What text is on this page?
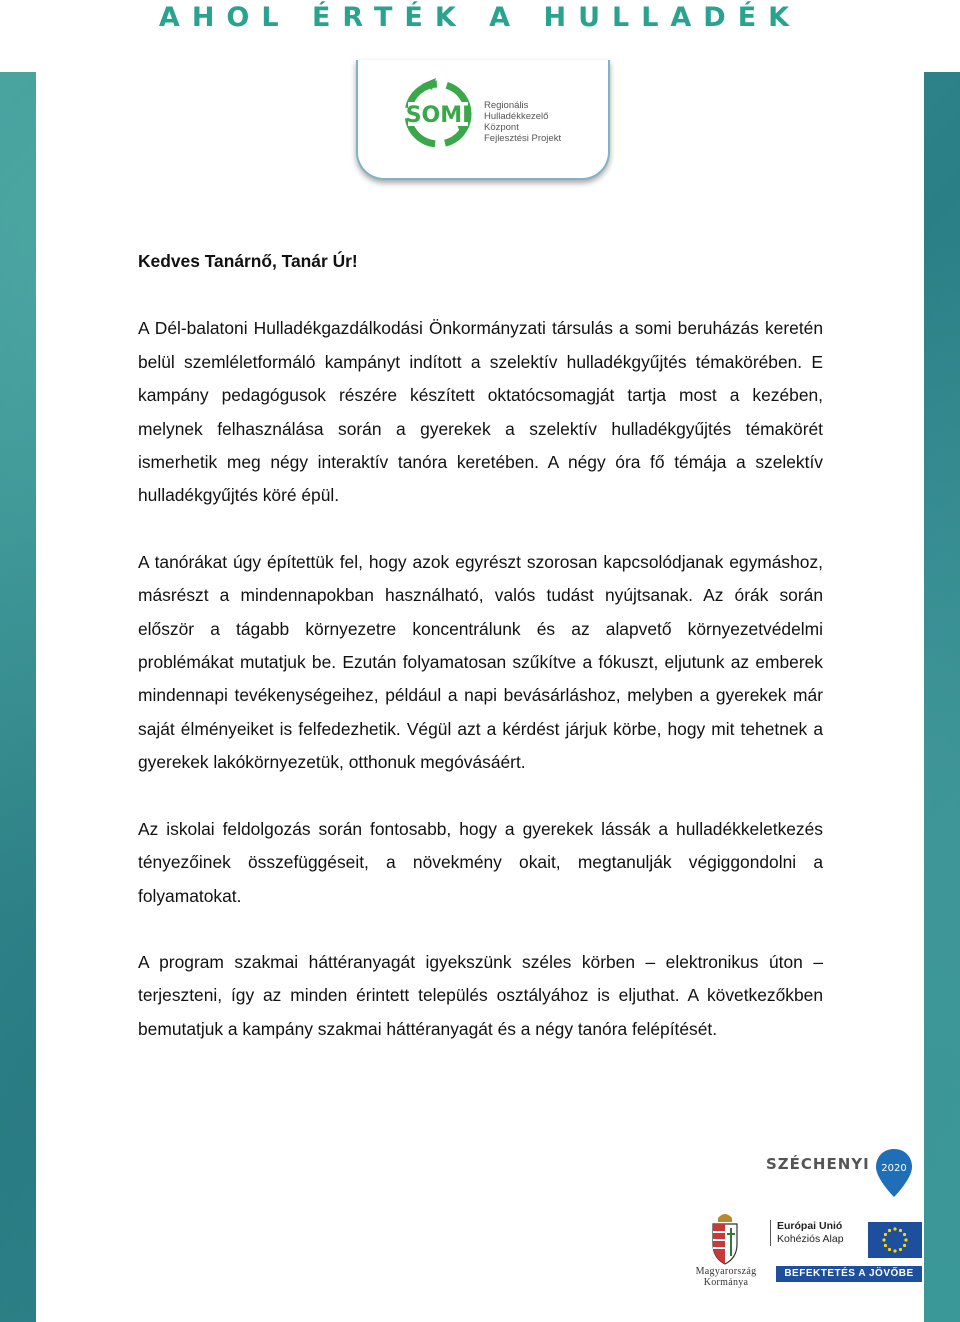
AHOL ÉRTÉK A HULLADÉK
SOMI Regionális
Hulladékkezelő
Központ
Fejlesztési Projekt
Kedves Tanárnő, Tanár Úr!

A Dél-balatoni Hulladékgazdálkodási Önkormányzati társulás a somi beruházás keretén belül szemléletformáló kampányt indított a szelektív hulladékgyűjtés témakörében. E kampány pedagógusok részére készített oktatócsomagját tartja most a kezében, melynek felhasználása során a gyerekek a szelektív hulladékgyűjtés témakörét ismerhetik meg négy interaktív tanóra keretében. A négy óra fő témája a szelektív hulladékgyűjtés köré épül.

A tanórákat úgy építettük fel, hogy azok egyrészt szorosan kapcsolódjanak egymáshoz, másrészt a mindennapokban használható, valós tudást nyújtsanak. Az órák során először a tágabb környezetre koncentrálunk és az alapvető környezetvédelmi problémákat mutatjuk be. Ezután folyamatosan szűkítve a fókuszt, eljutunk az emberek mindennapi tevékenységeihez, például a napi bevásárláshoz, melyben a gyerekek már saját élményeiket is felfedezhetik. Végül azt a kérdést járjuk körbe, hogy mit tehetnek a gyerekek lakókörnyezetük, otthonuk megóvásáért.

Az iskolai feldolgozás során fontosabb, hogy a gyerekek lássák a hulladékkeletkezés tényezőinek összefüggéseit, a növekmény okait, megtanulják végiggondolni a folyamatokat.

A program szakmai háttéranyagát igyekszünk széles körben – elektronikus úton – terjeszteni, így az minden érintett település osztályához is eljuthat. A következőkben bemutatjuk a kampány szakmai háttéranyagát és a négy tanóra felépítését.

SZÉCHENYI 2020
Magyarország
Kormánya
Európai Unió
Kohéziós Alap
BEFEKTETÉS A JÖVŐBE
